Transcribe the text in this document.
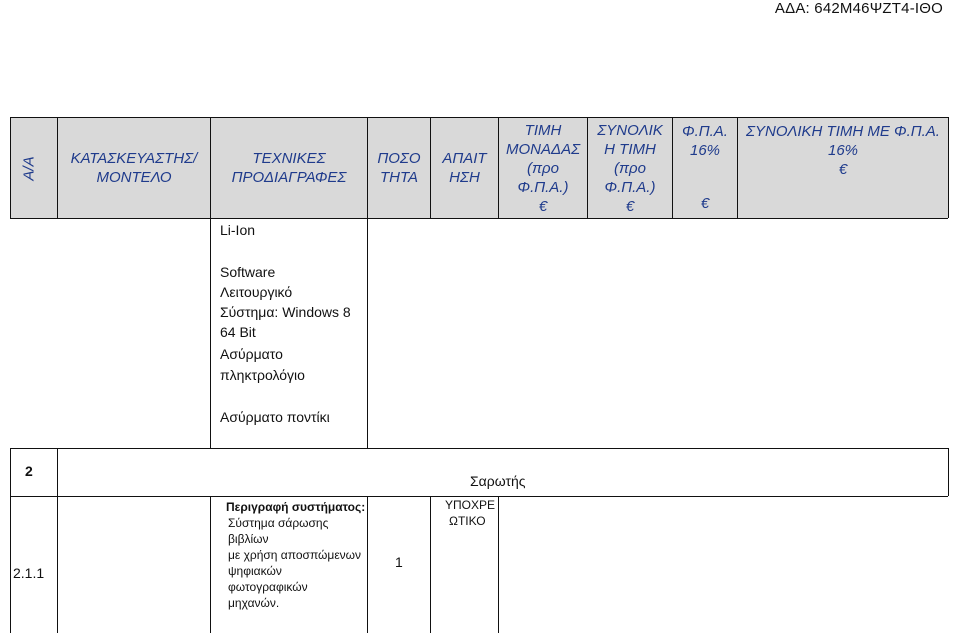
ΑΔΑ: 642Μ46ΨΖΤ4-ΙΘΟ
Α/Α ΚΑΤΑΣΚΕΥΑΣΤΗΣ/ ΜΟΝΤΕΛΟ
ΤΕΧΝΙΚΕΣ ΠΡΟΔΙΑΓΡΑΦΕΣ
ΠΟΣΟ ΤΗΤΑ
ΑΠΑΙΤ ΗΣΗ
ΤΙΜΗ ΜΟΝΑΔΑΣ (προ Φ.Π.Α.)
€
ΣΥΝΟΛΙΚ Η ΤΙΜΗ (προ Φ.Π.Α.)
€
Φ.Π.Α.
16%
€
ΣΥΝΟΛΙΚΗ ΤΙΜΗ ΜΕ Φ.Π.Α.
16%
€
Li-Ion
Software
Λειτουργικό
Σύστημα: Windows 8
64 Bit
Ασύρματο
πληκτρολόγιο
Ασύρματο ποντίκι
2
Σαρωτής
2.1.1
Περιγραφή συστήματος:
Σύστημα σάρωσης
βιβλίων
με χρήση αποσπώμενων
ψηφιακών
φωτογραφικών
μηχανών.
1
ΥΠΟΧΡΕ
ΩΤΙΚΟ
